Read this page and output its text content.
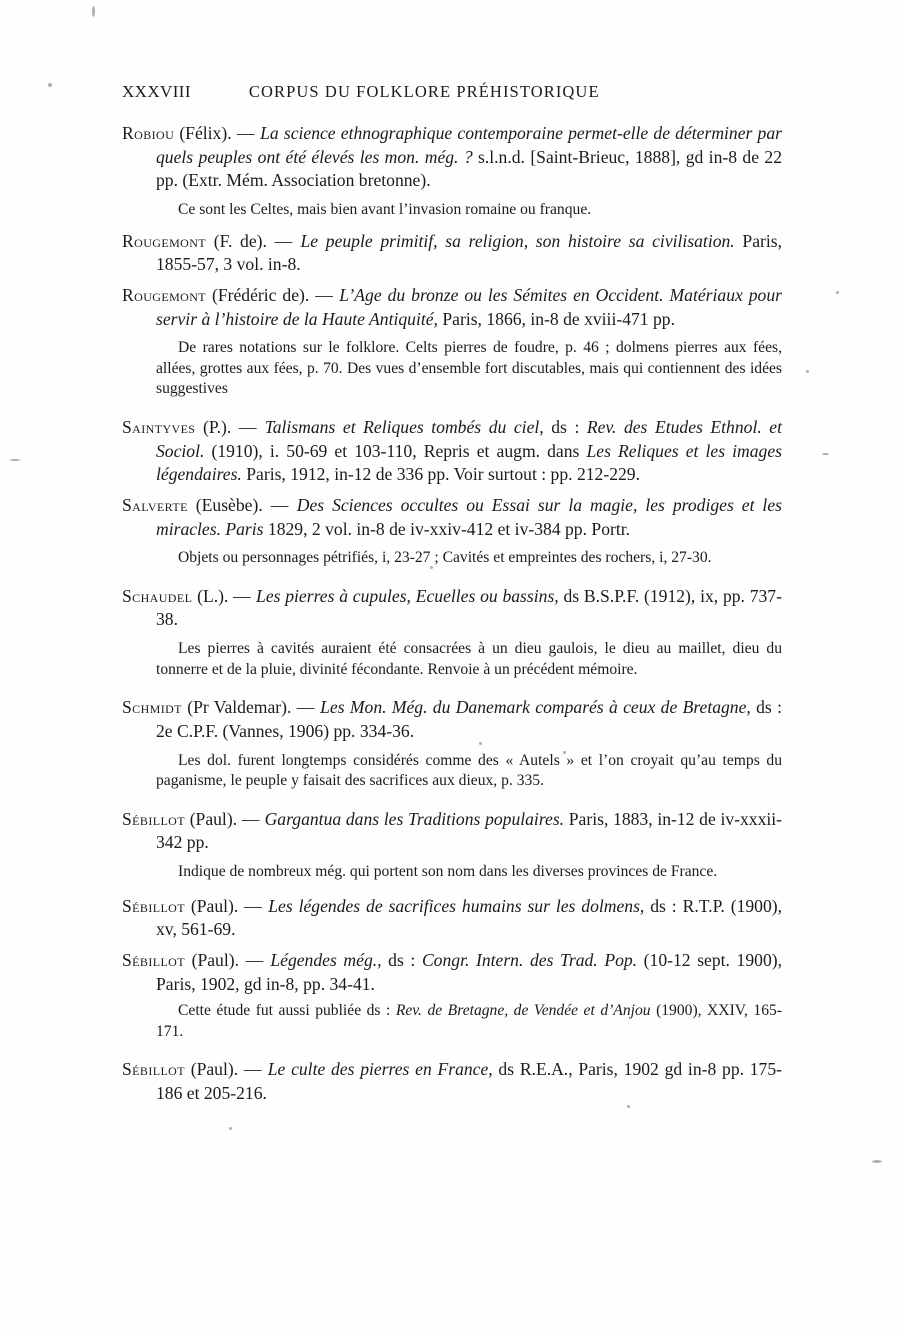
XXXVIII	CORPUS DU FOLKLORE PRÉHISTORIQUE
Robiou (Félix). — La science ethnographique contemporaine permet-elle de déterminer par quels peuples ont été élevés les mon. még. ? s.l.n.d. [Saint-Brieuc, 1888], gd in-8 de 22 pp. (Extr. Mém. Association bretonne).
Ce sont les Celtes, mais bien avant l’invasion romaine ou franque.
Rougemont (F. de). — Le peuple primitif, sa religion, son histoire sa civilisation. Paris, 1855-57, 3 vol. in-8.
Rougemont (Frédéric de). — L’Age du bronze ou les Sémites en Occident. Matériaux pour servir à l’histoire de la Haute Antiquité, Paris, 1866, in-8 de xviii-471 pp.
De rares notations sur le folklore. Celts pierres de foudre, p. 46 ; dolmens pierres aux fées, allées, grottes aux fées, p. 70. Des vues d’ensemble fort discutables, mais qui contiennent des idées suggestives
Saintyves (P.). — Talismans et Reliques tombés du ciel, ds : Rev. des Etudes Ethnol. et Sociol. (1910), i. 50-69 et 103-110, Repris et augm. dans Les Reliques et les images légendaires. Paris, 1912, in-12 de 336 pp. Voir surtout : pp. 212-229.
Salverte (Eusèbe). — Des Sciences occultes ou Essai sur la magie, les prodiges et les miracles. Paris 1829, 2 vol. in-8 de iv-xxiv-412 et iv-384 pp. Portr.
Objets ou personnages pétrifiés, i, 23-27 ; Cavités et empreintes des rochers, i, 27-30.
Schaudel (L.). — Les pierres à cupules, Ecuelles ou bassins, ds B.S.P.F. (1912), ix, pp. 737-38.
Les pierres à cavités auraient été consacrées à un dieu gaulois, le dieu au maillet, dieu du tonnerre et de la pluie, divinité fécondante. Renvoie à un précédent mémoire.
Schmidt (Pr Valdemar). — Les Mon. Még. du Danemark comparés à ceux de Bretagne, ds : 2e C.P.F. (Vannes, 1906) pp. 334-36.
Les dol. furent longtemps considérés comme des « Autels » et l’on croyait qu’au temps du paganisme, le peuple y faisait des sacrifices aux dieux, p. 335.
Sébillot (Paul). — Gargantua dans les Traditions populaires. Paris, 1883, in-12 de iv-xxxii-342 pp.
Indique de nombreux még. qui portent son nom dans les diverses provinces de France.
Sébillot (Paul). — Les légendes de sacrifices humains sur les dolmens, ds : R.T.P. (1900), xv, 561-69.
Sébillot (Paul). — Légendes még., ds : Congr. Intern. des Trad. Pop. (10-12 sept. 1900), Paris, 1902, gd in-8, pp. 34-41.
Cette étude fut aussi publiée ds : Rev. de Bretagne, de Vendée et d’Anjou (1900), XXIV, 165-171.
Sébillot (Paul). — Le culte des pierres en France, ds R.E.A., Paris, 1902 gd in-8 pp. 175-186 et 205-216.
